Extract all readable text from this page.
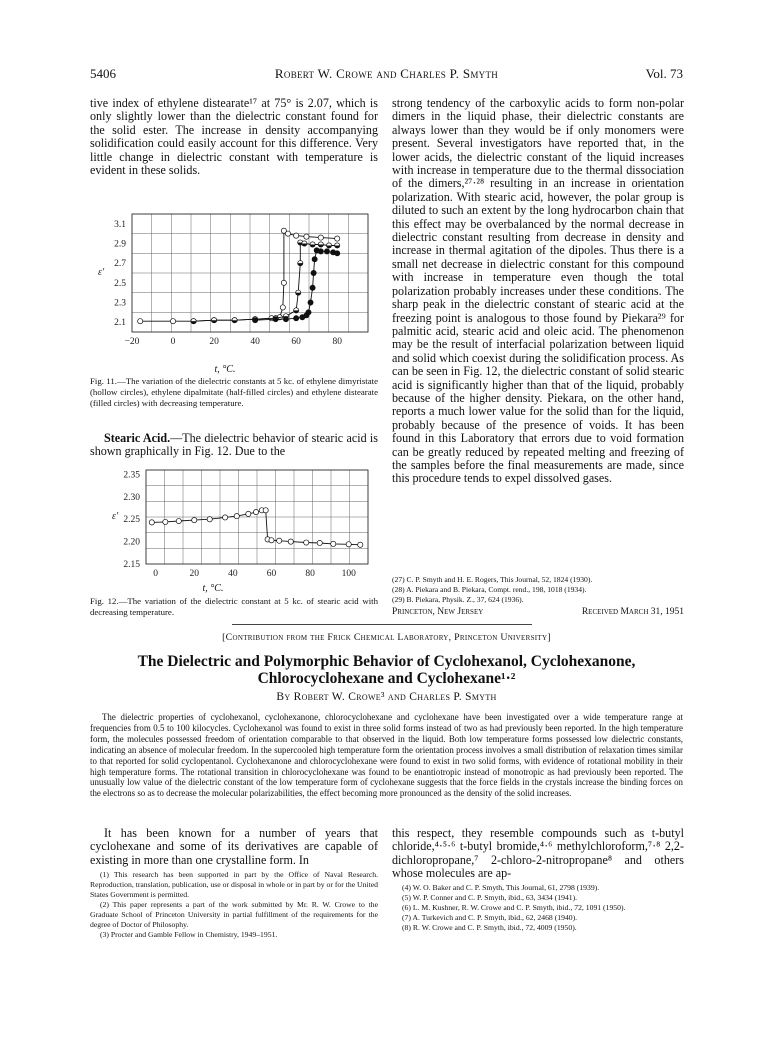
5406	Robert W. Crowe and Charles P. Smyth	Vol. 73

tive index of ethylene distearate¹⁷ at 75° is 2.07, which is only slightly lower than the dielectric constant found for the solid ester. The increase in density accompanying solidification could easily account for this difference. Very little change in dielectric constant with temperature is evident in these solids.

−20	0	20	40	60	80
2.1
2.3
2.5
2.7
2.9
3.1
ε′
t, °C.
Fig. 11.—The variation of the dielectric constants at 5 kc. of ethylene dimyristate (hollow circles), ethylene dipalmitate (half-filled circles) and ethylene distearate (filled circles) with decreasing temperature.

Stearic Acid.—The dielectric behavior of stearic acid is shown graphically in Fig. 12. Due to the

0	20	40	60	80	100
2.15
2.20
2.25
2.30
2.35
ε′
t, °C.
Fig. 12.—The variation of the dielectric constant at 5 kc. of stearic acid with decreasing temperature.

strong tendency of the carboxylic acids to form non-polar dimers in the liquid phase, their dielectric constants are always lower than they would be if only monomers were present. Several investigators have reported that, in the lower acids, the dielectric constant of the liquid increases with increase in temperature due to the thermal dissociation of the dimers,²⁷·²⁸ resulting in an increase in orientation polarization. With stearic acid, however, the polar group is diluted to such an extent by the long hydrocarbon chain that this effect may be overbalanced by the normal decrease in dielectric constant resulting from decrease in density and increase in thermal agitation of the dipoles. Thus there is a small net decrease in dielectric constant for this compound with increase in temperature even though the total polarization probably increases under these conditions. The sharp peak in the dielectric constant of stearic acid at the freezing point is analogous to those found by Piekara²⁹ for palmitic acid, stearic acid and oleic acid. The phenomenon may be the result of interfacial polarization between liquid and solid which coexist during the solidification process. As can be seen in Fig. 12, the dielectric constant of solid stearic acid is significantly higher than that of the liquid, probably because of the higher density. Piekara, on the other hand, reports a much lower value for the solid than for the liquid, probably because of the presence of voids. It has been found in this Laboratory that errors due to void formation can be greatly reduced by repeated melting and freezing of the samples before the final measurements are made, since this procedure tends to expel dissolved gases.

(27) C. P. Smyth and H. E. Rogers, This Journal, 52, 1824 (1930).
(28) A. Piekara and B. Piekara, Compt. rend., 198, 1018 (1934).
(29) B. Piekara, Physik. Z., 37, 624 (1936).
Princeton, New Jersey	Received March 31, 1951
[Contribution from the Frick Chemical Laboratory, Princeton University]
The Dielectric and Polymorphic Behavior of Cyclohexanol, Cyclohexanone,
Chlorocyclohexane and Cyclohexane¹·²
By Robert W. Crowe³ and Charles P. Smyth

The dielectric properties of cyclohexanol, cyclohexanone, chlorocyclohexane and cyclohexane have been investigated over a wide temperature range at frequencies from 0.5 to 100 kilocycles. Cyclohexanol was found to exist in three solid forms instead of two as had previously been reported. In the high temperature form, the molecules possessed freedom of orientation comparable to that observed in the liquid. Both low temperature forms possessed low dielectric constants, indicating an absence of molecular freedom. In the supercooled high temperature form the orientation process involves a small distribution of relaxation times similar to that reported for solid cyclopentanol. Cyclohexanone and chlorocyclohexane were found to exist in two solid forms, with evidence of rotational mobility in their high temperature forms. The rotational transition in chlorocyclohexane was found to be enantiotropic instead of monotropic as had previously been reported. The unusually low value of the dielectric constant of the low temperature form of cyclohexane suggests that the force fields in the crystals increase the binding forces on the electrons so as to decrease the molecular polarizabilities, the effect becoming more pronounced as the density of the solid increases.

It has been known for a number of years that cyclohexane and some of its derivatives are capable of existing in more than one crystalline form. In

(1) This research has been supported in part by the Office of Naval Research. Reproduction, translation, publication, use or disposal in whole or in part by or for the United States Government is permitted.
(2) This paper represents a part of the work submitted by Mr. R. W. Crowe to the Graduate School of Princeton University in partial fulfillment of the requirements for the degree of Doctor of Philosophy.
(3) Procter and Gamble Fellow in Chemistry, 1949–1951.

this respect, they resemble compounds such as t-butyl chloride,⁴·⁵·⁶ t-butyl bromide,⁴·⁶ methylchloroform,⁷·⁸ 2,2-dichloropropane,⁷ 2-chloro-2-nitropropane⁸ and others whose molecules are ap-

(4) W. O. Baker and C. P. Smyth, This Journal, 61, 2798 (1939).
(5) W. P. Conner and C. P. Smyth, ibid., 63, 3434 (1941).
(6) L. M. Kushner, R. W. Crowe and C. P. Smyth, ibid., 72, 1091 (1950).
(7) A. Turkevich and C. P. Smyth, ibid., 62, 2468 (1940).
(8) R. W. Crowe and C. P. Smyth, ibid., 72, 4009 (1950).
